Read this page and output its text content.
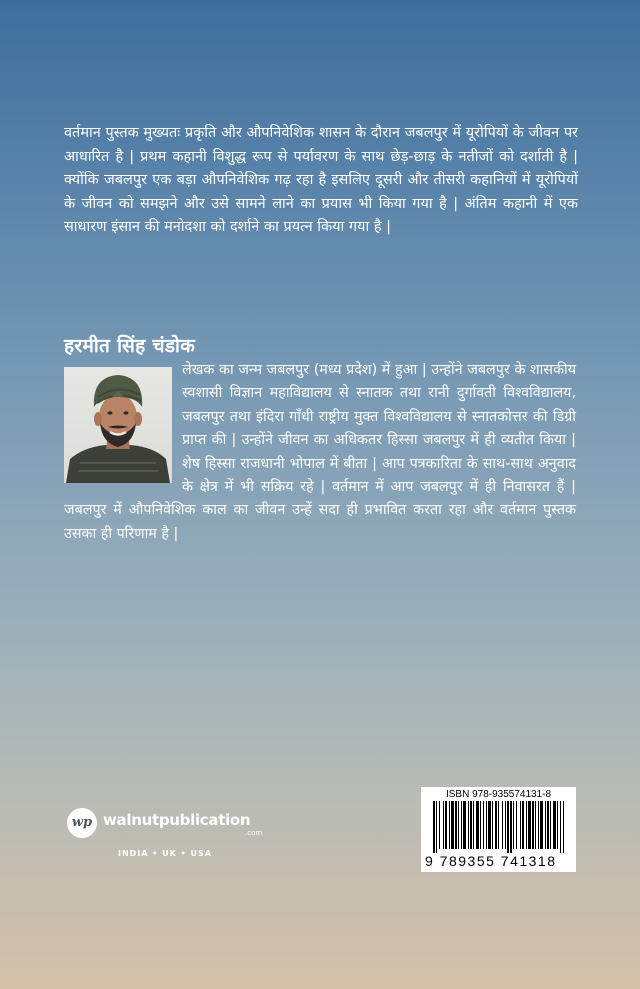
वर्तमान पुस्तक मुख्यतः प्रकृति और औपनिवेशिक शासन के दौरान जबलपुर में यूरोपियों के जीवन पर आधारित है | प्रथम कहानी विशुद्ध रूप से पर्यावरण के साथ छेड़-छाड़ के नतीजों को दर्शाती है | क्योंकि जबलपुर एक बड़ा औपनिवेशिक गढ़ रहा है इसलिए दूसरी और तीसरी कहानियों में यूरोपियों के जीवन को समझने और उसे सामने लाने का प्रयास भी किया गया है | अंतिम कहानी में एक साधारण इंसान की मनोदशा को दर्शाने का प्रयत्न किया गया है |

हरमीत सिंह चंडोक
लेखक का जन्म जबलपुर (मध्य प्रदेश) में हुआ | उन्होंने जबलपुर के शासकीय स्वशासी विज्ञान महाविद्यालय से स्नातक तथा रानी दुर्गावती विश्वविद्यालय, जबलपुर तथा इंदिरा गाँधी राष्ट्रीय मुक्त विश्वविद्यालय से स्नातकोत्तर की डिग्री प्राप्त की | उन्होंने जीवन का अधिकतर हिस्सा जबलपुर में ही व्यतीत किया | शेष हिस्सा राजधानी भोपाल में बीता | आप पत्रकारिता के साथ-साथ अनुवाद के क्षेत्र में भी सक्रिय रहे | वर्तमान में आप जबलपुर में ही निवासरत हैं | जबलपुर में औपनिवेशिक काल का जीवन उन्हें सदा ही प्रभावित करता रहा और वर्तमान पुस्तक उसका ही परिणाम है |
wp walnutpublication
.com
INDIA • UK • USA
ISBN 978-935574131-8
9 789355 741318
